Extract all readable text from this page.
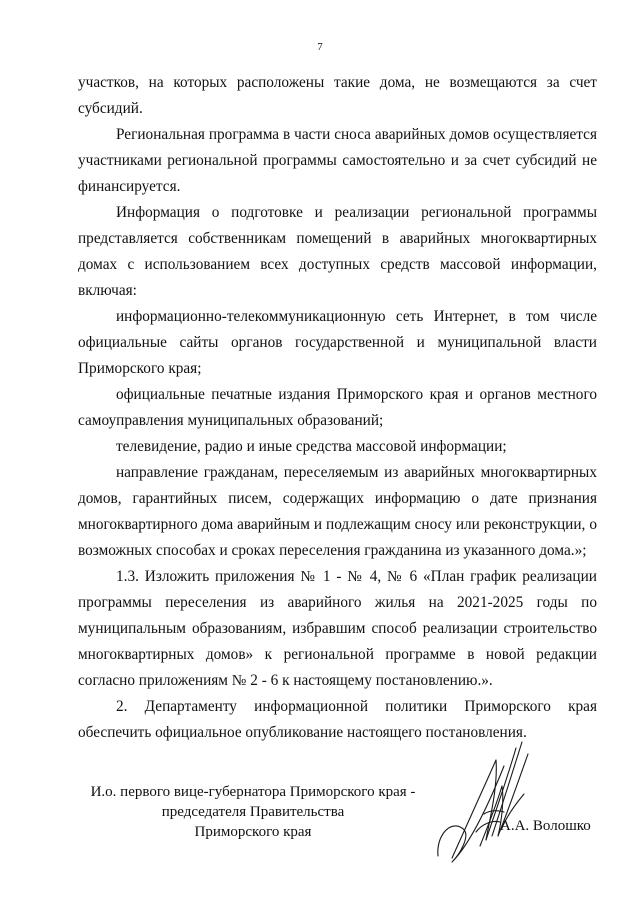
7

участков, на которых расположены такие дома, не возмещаются за счет субсидий.

Региональная программа в части сноса аварийных домов осуществляется участниками региональной программы самостоятельно и за счет субсидий не финансируется.

Информация о подготовке и реализации региональной программы представляется собственникам помещений в аварийных многоквартирных домах с использованием всех доступных средств массовой информации, включая:

информационно-телекоммуникационную сеть Интернет, в том числе официальные сайты органов государственной и муниципальной власти Приморского края;

официальные печатные издания Приморского края и органов местного самоуправления муниципальных образований;

телевидение, радио и иные средства массовой информации;

направление гражданам, переселяемым из аварийных многоквартирных домов, гарантийных писем, содержащих информацию о дате признания многоквартирного дома аварийным и подлежащим сносу или реконструкции, о возможных способах и сроках переселения гражданина из указанного дома.»;

1.3. Изложить приложения № 1 - № 4, № 6 «План график реализации программы переселения из аварийного жилья на 2021-2025 годы по муниципальным образованиям, избравшим способ реализации строительство многоквартирных домов» к региональной программе в новой редакции согласно приложениям № 2 - 6 к настоящему постановлению.».

2. Департаменту информационной политики Приморского края обеспечить официальное опубликование настоящего постановления.

И.о. первого вице-губернатора Приморского края -
председателя Правительства
Приморского края	А.А. Волошко
